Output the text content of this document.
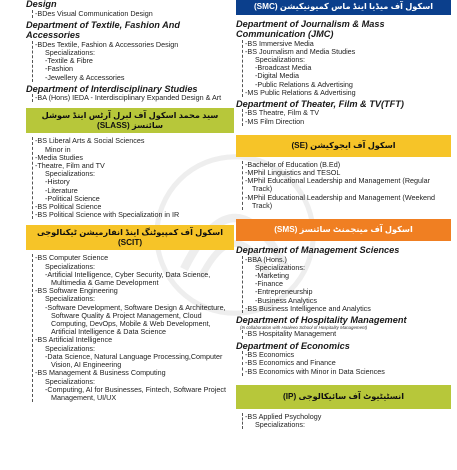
Design
-BDes Visual Communication Design
Department of Textile, Fashion And Accessories
-BDes Textile, Fashion & Accessories Design
Specializations:
-Textile & Fibre
-Fashion
-Jewellery & Accessories
Department of Interdisciplinary Studies
-BA (Hons) IEDA - Interdisciplinary Expanded Design & Art
سید محمد اسکول آف لبرل آرٹس اینڈ سوشل سائنسز (SLASS)
-BS Liberal Arts & Social Sciences
Minor in
-Media Studies
-Theatre, Film and TV
Specializations:
-History
-Literature
-Political Science
-BS Political Science
-BS Political Science with Specialization in IR
اسکول آف کمپیوٹنگ اینڈ انفارمیشن ٹیکنالوجی (SCIT)
-BS Computer Science
Specializations:
-Artificial Intelligence, Cyber Security, Data Science, Multimedia & Game Development
-BS Software Engineering
Specializations:
-Software Development, Software Design & Architecture, Software Quality & Project Management, Cloud Computing, DevOps, Mobile & Web Development, Artificial Intelligence & Data Science
-BS Artificial Intelligence
Specializations:
-Data Science, Natural Language Processing,Computer Vision, AI Engineering
-BS Management & Business Computing
Specializations:
-Computing, AI for Businesses, Fintech, Software Project Management, UI/UX
اسکول آف میڈیا اینڈ ماس کمیونیکیشن (SMC)
Department of Journalism & Mass Communication (JMC)
-BS Immersive Media
-BS Journalism and Media Studies
Specializations:
-Broadcast Media
-Digital Media
-Public Relations & Advertising
-MS Public Relations & Advertising
Department of Theater, Film & TV(TFT)
-BS Theatre, Film & TV
-MS Film Direction
اسکول آف ایجوکیشن (SE)
-Bachelor of Education (B.Ed)
-MPhil Linguistics and TESOL
-MPhil Educational Leadership and Management (Regular Track)
-MPhil Educational Leadership and Management (Weekend Track)
اسکول آف مینجمنٹ سائنسز (SMS)
Department of Management Sciences
-BBA (Hons.)
Specializations:
-Marketing
-Finance
-Entrepreneurship
-Business Analytics
-BS Business Intelligence and Analytics
Department of Hospitality Management
(In collaboration with Haaleeo School of Hospitality Management)
-BS Hospitality Management
Department of Economics
-BS Economics
-BS Economics and Finance
-BS Economics with Minor in Data Sciences
انسٹیٹیوٹ آف سائیکالوجی (IP)
-BS Applied Psychology
Specializations:
